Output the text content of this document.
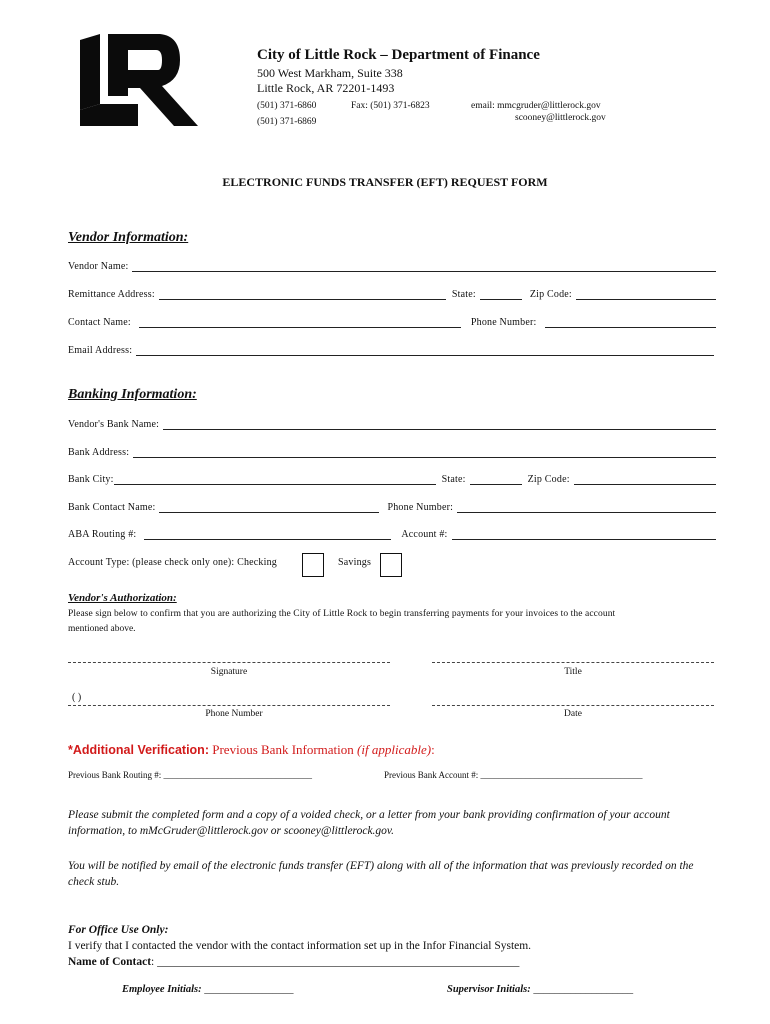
City of Little Rock – Department of Finance
500 West Markham, Suite 338
Little Rock, AR 72201-1493
(501) 371-6860
(501) 371-6869
Fax: (501) 371-6823	email: mmcgruder@littlerock.gov
scooney@littlerock.gov
ELECTRONIC FUNDS TRANSFER (EFT) REQUEST FORM
Vendor Information:
Vendor Name:
Remittance Address:	State:	Zip Code:
Contact Name:	Phone Number:
Email Address:
Banking Information:
Vendor's Bank Name:
Bank Address:
Bank City:	State:	Zip Code:
Bank Contact Name:	Phone Number:
ABA Routing #:	Account #:
Account Type: (please check only one): Checking	Savings
Vendor's Authorization:
Please sign below to confirm that you are authorizing the City of Little Rock to begin transferring payments for your invoices to the account
mentioned above.
Signature	Title
( )
Phone Number	Date
*Additional Verification: Previous Bank Information (if applicable):
Previous Bank Routing #: _________________________________	Previous Bank Account #: ____________________________________
Please submit the completed form and a copy of a voided check, or a letter from your bank providing confirmation of your account information, to mMcGruder@littlerock.gov or scooney@littlerock.gov.
You will be notified by email of the electronic funds transfer (EFT) along with all of the information that was previously recorded on the check stub.
For Office Use Only:
I verify that I contacted the vendor with the contact information set up in the Infor Financial System.
Name of Contact: _______________________________________________________________
Employee Initials: _________________	Supervisor Initials: ___________________
